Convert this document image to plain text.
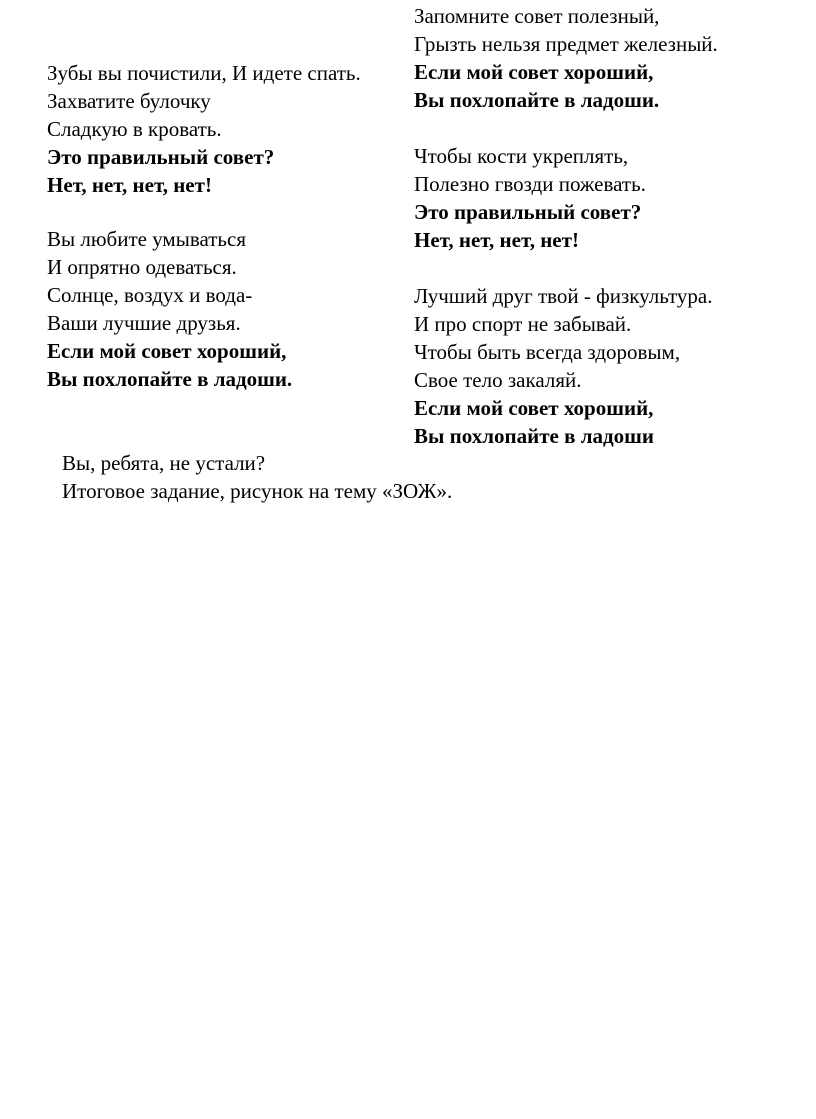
Запомните совет полезный,

Грызть нельзя предмет железный.

Если мой совет хороший,

Вы похлопайте в ладоши.

Чтобы кости укреплять,

Полезно гвозди пожевать.

Это правильный совет?

Нет, нет, нет, нет!

Лучший друг твой - физкультура.

И про спорт не забывай.

Чтобы быть всегда здоровым,

Свое тело закаляй.

Если мой совет хороший,

Вы похлопайте в ладоши

Зубы вы почистили, И идете спать.

Захватите булочку

Сладкую в кровать.

Это правильный совет?

Нет, нет, нет, нет!

Вы любите умываться

И опрятно одеваться.

Солнце, воздух и вода-

Ваши лучшие друзья.

Если мой совет хороший,

Вы похлопайте в ладоши.

Вы, ребята, не устали?

Итоговое задание, рисунок на тему «ЗОЖ».
